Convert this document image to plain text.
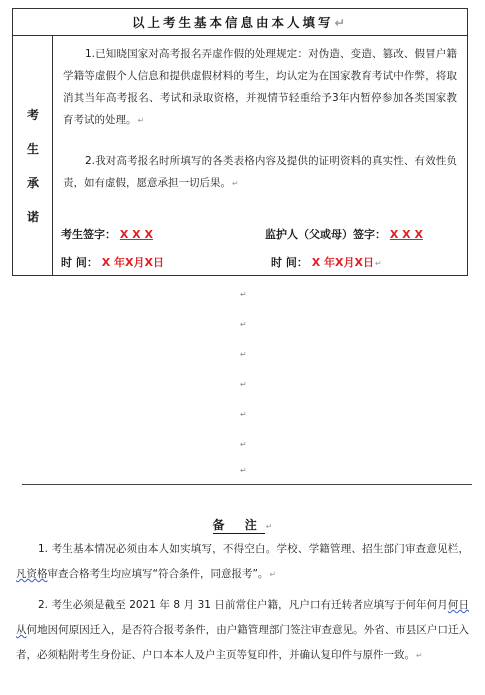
以上考生基本信息由本人填写 ↵
考
生
承
诺
1.已知晓国家对高考报名弄虚作假的处理规定：对伪造、变造、篡改、假冒户籍学籍等虚假个人信息和提供虚假材料的考生，均认定为在国家教育考试中作弊，将取消其当年高考报名、考试和录取资格，并视情节轻重给予3年内暂停参加各类国家教育考试的处理。↵
2.我对高考报名时所填写的各类表格内容及提供的证明资料的真实性、有效性负责，如有虚假，愿意承担一切后果。↵
考生签字： X X X	监护人（父或母）签字： X X X
时 间： X 年X月X日	时 间： X 年X月X日↵
↵
↵
↵
↵
↵
↵
↵
备 注↵
1. 考生基本情况必须由本人如实填写，不得空白。学校、学籍管理、招生部门审查意见栏，凡资格审查合格考生均应填写“符合条件，同意报考”。↵
2. 考生必须是截至 2021 年 8 月 31 日前常住户籍，凡户口有迁转者应填写于何年何月何日从何地因何原因迁入，是否符合报考条件，由户籍管理部门签注审查意见。外省、市县区户口迁入者，必须粘附考生身份证、户口本本人及户主页等复印件，并确认复印件与原件一致。↵
